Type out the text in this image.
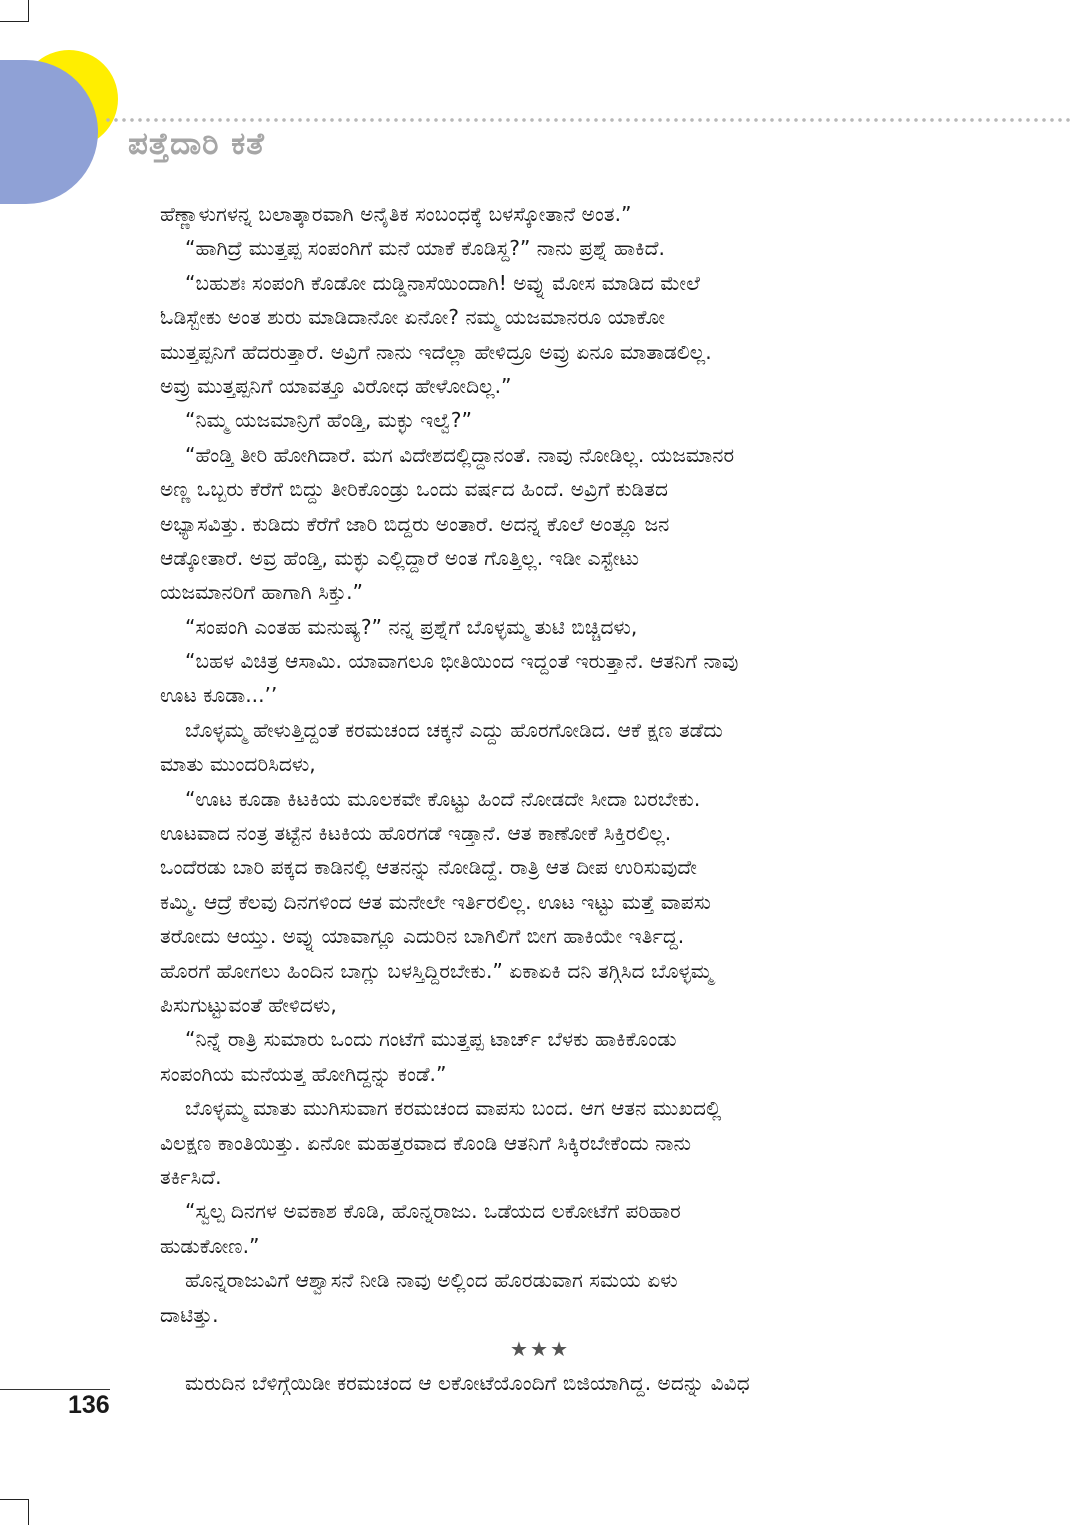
ಪತ್ತೆದಾರಿ ಕತೆ
ಹೆಣ್ಣಾಳುಗಳನ್ನ ಬಲಾತ್ಕಾರವಾಗಿ ಅನೈತಿಕ ಸಂಬಂಧಕ್ಕೆ ಬಳಸ್ಕೋತಾನೆ ಅಂತ.”
“ಹಾಗಿದ್ರೆ ಮುತ್ತಪ್ಪ ಸಂಪಂಗಿಗೆ ಮನೆ ಯಾಕೆ ಕೊಡಿಸ್ದ?” ನಾನು ಪ್ರಶ್ನೆ ಹಾಕಿದೆ.
“ಬಹುಶಃ ಸಂಪಂಗಿ ಕೊಡೋ ದುಡ್ಡಿನಾಸೆಯಿಂದಾಗಿ! ಅವ್ನು ಮೋಸ ಮಾಡಿದ ಮೇಲೆ
ಓಡಿಸ್ಬೇಕು ಅಂತ ಶುರು ಮಾಡಿದಾನೋ ಏನೋ? ನಮ್ಮ ಯಜಮಾನರೂ ಯಾಕೋ
ಮುತ್ತಪ್ಪನಿಗೆ ಹೆದರುತ್ತಾರೆ. ಅವ್ರಿಗೆ ನಾನು ಇದೆಲ್ಲಾ ಹೇಳಿದ್ರೂ ಅವ್ರು ಏನೂ ಮಾತಾಡಲಿಲ್ಲ.
ಅವ್ರು ಮುತ್ತಪ್ಪನಿಗೆ ಯಾವತ್ತೂ ವಿರೋಧ ಹೇಳೋದಿಲ್ಲ.”
“ನಿಮ್ಮ ಯಜಮಾನ್ರಿಗೆ ಹೆಂಡ್ತಿ, ಮಕ್ಳು ಇಲ್ವೆ?”
“ಹೆಂಡ್ತಿ ತೀರಿ ಹೋಗಿದಾರೆ. ಮಗ ವಿದೇಶದಲ್ಲಿದ್ದಾನಂತೆ. ನಾವು ನೋಡಿಲ್ಲ. ಯಜಮಾನರ
ಅಣ್ಣ ಒಬ್ಬರು ಕೆರೆಗೆ ಬಿದ್ದು ತೀರಿಕೊಂಡ್ರು ಒಂದು ವರ್ಷದ ಹಿಂದೆ. ಅವ್ರಿಗೆ ಕುಡಿತದ
ಅಭ್ಯಾಸವಿತ್ತು. ಕುಡಿದು ಕೆರೆಗೆ ಜಾರಿ ಬಿದ್ದರು ಅಂತಾರೆ. ಅದನ್ನ ಕೊಲೆ ಅಂತ್ಲೂ ಜನ
ಆಡ್ಕೋತಾರೆ. ಅವ್ರ ಹೆಂಡ್ತಿ, ಮಕ್ಳು ಎಲ್ಲಿದ್ದಾರೆ ಅಂತ ಗೊತ್ತಿಲ್ಲ. ಇಡೀ ಎಸ್ಟೇಟು
ಯಜಮಾನರಿಗೆ ಹಾಗಾಗಿ ಸಿಕ್ತು.”
“ಸಂಪಂಗಿ ಎಂತಹ ಮನುಷ್ಯ?” ನನ್ನ ಪ್ರಶ್ನೆಗೆ ಬೊಳ್ಳಮ್ಮ ತುಟಿ ಬಿಚ್ಚಿದಳು,
“ಬಹಳ ವಿಚಿತ್ರ ಆಸಾಮಿ. ಯಾವಾಗಲೂ ಭೀತಿಯಿಂದ ಇದ್ದಂತೆ ಇರುತ್ತಾನೆ. ಆತನಿಗೆ ನಾವು
ಊಟ ಕೂಡಾ...’’
ಬೊಳ್ಳಮ್ಮ ಹೇಳುತ್ತಿದ್ದಂತೆ ಕರಮಚಂದ ಚಕ್ಕನೆ ಎದ್ದು ಹೊರಗೋಡಿದ. ಆಕೆ ಕ್ಷಣ ತಡೆದು
ಮಾತು ಮುಂದರಿಸಿದಳು,
“ಊಟ ಕೂಡಾ ಕಿಟಕಿಯ ಮೂಲಕವೇ ಕೊಟ್ಟು ಹಿಂದೆ ನೋಡದೇ ಸೀದಾ ಬರಬೇಕು.
ಊಟವಾದ ನಂತ್ರ ತಟ್ಟೆನ ಕಿಟಕಿಯ ಹೊರಗಡೆ ಇಡ್ತಾನೆ. ಆತ ಕಾಣೋಕೆ ಸಿಕ್ತಿರಲಿಲ್ಲ.
ಒಂದೆರಡು ಬಾರಿ ಪಕ್ಕದ ಕಾಡಿನಲ್ಲಿ ಆತನನ್ನು ನೋಡಿದ್ದೆ. ರಾತ್ರಿ ಆತ ದೀಪ ಉರಿಸುವುದೇ
ಕಮ್ಮಿ. ಆದ್ರೆ ಕೆಲವು ದಿನಗಳಿಂದ ಆತ ಮನೇಲೇ ಇರ್ತಿರಲಿಲ್ಲ. ಊಟ ಇಟ್ಟು ಮತ್ತೆ ವಾಪಸು
ತರೋದು ಆಯ್ತು. ಅವ್ನು ಯಾವಾಗ್ಲೂ ಎದುರಿನ ಬಾಗಿಲಿಗೆ ಬೀಗ ಹಾಕಿಯೇ ಇರ್ತಿದ್ದ.
ಹೊರಗೆ ಹೋಗಲು ಹಿಂದಿನ ಬಾಗ್ಲು ಬಳಸ್ತಿದ್ದಿರಬೇಕು.” ಏಕಾಏಕಿ ದನಿ ತಗ್ಗಿಸಿದ ಬೊಳ್ಳಮ್ಮ
ಪಿಸುಗುಟ್ಟುವಂತೆ ಹೇಳಿದಳು,
“ನಿನ್ನೆ ರಾತ್ರಿ ಸುಮಾರು ಒಂದು ಗಂಟೆಗೆ ಮುತ್ತಪ್ಪ ಟಾರ್ಚ್ ಬೆಳಕು ಹಾಕಿಕೊಂಡು
ಸಂಪಂಗಿಯ ಮನೆಯತ್ತ ಹೋಗಿದ್ದನ್ನು ಕಂಡೆ.”
ಬೊಳ್ಳಮ್ಮ ಮಾತು ಮುಗಿಸುವಾಗ ಕರಮಚಂದ ವಾಪಸು ಬಂದ. ಆಗ ಆತನ ಮುಖದಲ್ಲಿ
ವಿಲಕ್ಷಣ ಕಾಂತಿಯಿತ್ತು. ಏನೋ ಮಹತ್ತರವಾದ ಕೊಂಡಿ ಆತನಿಗೆ ಸಿಕ್ಕಿರಬೇಕೆಂದು ನಾನು
ತರ್ಕಿಸಿದೆ.
“ಸ್ವಲ್ಪ ದಿನಗಳ ಅವಕಾಶ ಕೊಡಿ, ಹೊನ್ನರಾಜು. ಒಡೆಯದ ಲಕೋಟೆಗೆ ಪರಿಹಾರ
ಹುಡುಕೋಣ.”
ಹೊನ್ನರಾಜುವಿಗೆ ಆಶ್ವಾಸನೆ ನೀಡಿ ನಾವು ಅಲ್ಲಿಂದ ಹೊರಡುವಾಗ ಸಮಯ ಏಳು
ದಾಟಿತ್ತು.
★★★
ಮರುದಿನ ಬೆಳಿಗ್ಗೆಯಿಡೀ ಕರಮಚಂದ ಆ ಲಕೋಟೆಯೊಂದಿಗೆ ಬಿಜಿಯಾಗಿದ್ದ. ಅದನ್ನು ವಿವಿಧ
136
